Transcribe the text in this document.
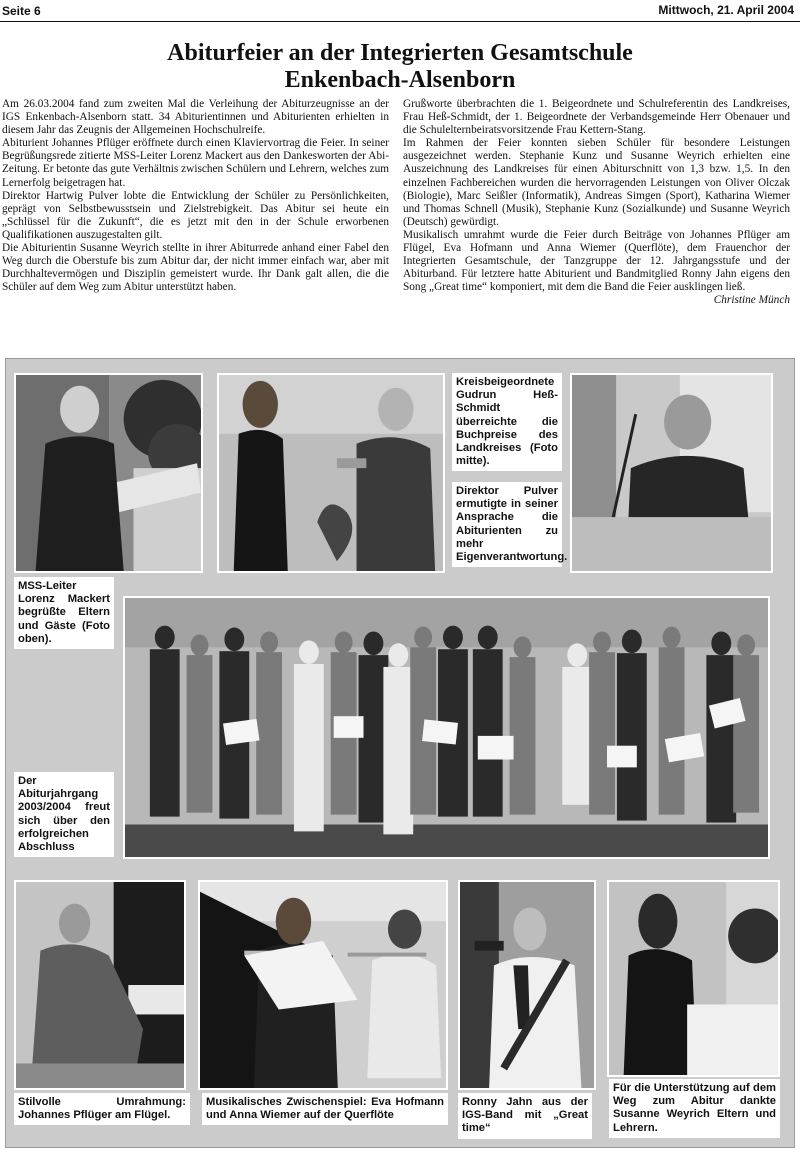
Seite 6	Mittwoch, 21. April 2004
Abiturfeier an der Integrierten Gesamtschule
Enkenbach-Alsenborn

Am 26.03.2004 fand zum zweiten Mal die Verleihung der Abiturzeugnisse an der IGS Enkenbach-Alsenborn statt. 34 Abiturientinnen und Abiturienten erhielten in diesem Jahr das Zeugnis der Allgemeinen Hochschulreife.

Abiturient Johannes Pflüger eröffnete durch einen Klaviervortrag die Feier. In seiner Begrüßungsrede zitierte MSS-Leiter Lorenz Mackert aus den Dankesworten der Abi-Zeitung. Er betonte das gute Verhältnis zwischen Schülern und Lehrern, welches zum Lernerfolg beigetragen hat.

Direktor Hartwig Pulver lobte die Entwicklung der Schüler zu Persönlichkeiten, geprägt von Selbstbewusstsein und Zielstrebigkeit. Das Abitur sei heute ein „Schlüssel für die Zukunft“, die es jetzt mit den in der Schule erworbenen Qualifikationen auszugestalten gilt.

Die Abiturientin Susanne Weyrich stellte in ihrer Abiturrede anhand einer Fabel den Weg durch die Oberstufe bis zum Abitur dar, der nicht immer einfach war, aber mit Durchhaltevermögen und Disziplin gemeistert wurde. Ihr Dank galt allen, die die Schüler auf dem Weg zum Abitur unterstützt haben.

Grußworte überbrachten die 1. Beigeordnete und Schulreferentin des Landkreises, Frau Heß-Schmidt, der 1. Beigeordnete der Verbandsgemeinde Herr Obenauer und die Schulelternbeiratsvorsitzende Frau Kettern-Stang.

Im Rahmen der Feier konnten sieben Schüler für besondere Leistungen ausgezeichnet werden. Stephanie Kunz und Susanne Weyrich erhielten eine Auszeichnung des Landkreises für einen Abiturschnitt von 1,3 bzw. 1,5. In den einzelnen Fachbereichen wurden die hervorragenden Leistungen von Oliver Olczak (Biologie), Marc Seißler (Informatik), Andreas Simgen (Sport), Katharina Wiemer und Thomas Schnell (Musik), Stephanie Kunz (Sozialkunde) und Susanne Weyrich (Deutsch) gewürdigt.

Musikalisch umrahmt wurde die Feier durch Beiträge von Johannes Pflüger am Flügel, Eva Hofmann und Anna Wiemer (Querflöte), dem Frauenchor der Integrierten Gesamtschule, der Tanzgruppe der 12. Jahrgangsstufe und der Abiturband. Für letztere hatte Abiturient und Bandmitglied Ronny Jahn eigens den Song „Great time“ komponiert, mit dem die Band die Feier ausklingen ließ.

Christine Münch

Kreisbeigeordnete Gudrun Heß-Schmidt überreichte die Buchpreise des Landkreises (Foto mitte).
Direktor Pulver ermutigte in seiner Ansprache die Abiturienten zu mehr Eigenverantwortung.
MSS-Leiter Lorenz Mackert begrüßte Eltern und Gäste (Foto oben).
Der Abiturjahrgang 2003/2004 freut sich über den erfolgreichen Abschluss
Stilvolle Umrahmung: Johannes Pflüger am Flügel.
Musikalisches Zwischenspiel: Eva Hofmann und Anna Wiemer auf der Querflöte
Ronny Jahn aus der IGS-Band mit „Great time“
Für die Unterstützung auf dem Weg zum Abitur dankte Susanne Weyrich Eltern und Lehrern.
